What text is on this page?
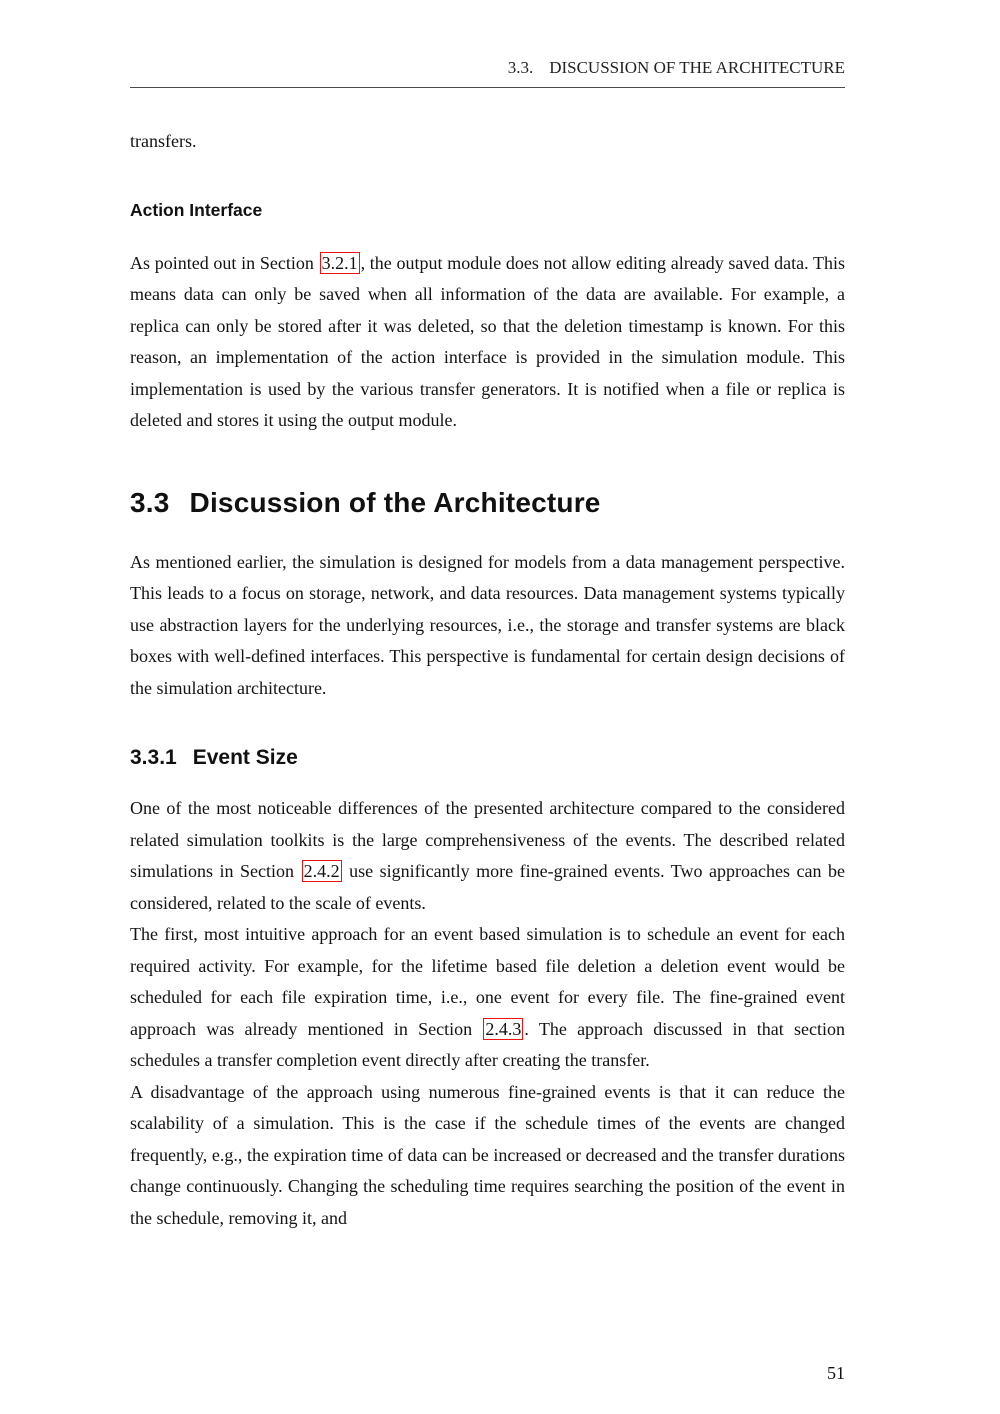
3.3. DISCUSSION OF THE ARCHITECTURE

transfers.

Action Interface

As pointed out in Section 3.2.1 , the output module does not allow editing already saved data. This means data can only be saved when all information of the data are available. For example, a replica can only be stored after it was deleted, so that the deletion timestamp is known. For this reason, an implementation of the action interface is provided in the simulation module. This implementation is used by the various transfer generators. It is notified when a file or replica is deleted and stores it using the output module.

3.3 Discussion of the Architecture

As mentioned earlier, the simulation is designed for models from a data management perspective. This leads to a focus on storage, network, and data resources. Data management systems typically use abstraction layers for the underlying resources, i.e., the storage and transfer systems are black boxes with well-defined interfaces. This perspective is fundamental for certain design decisions of the simulation architecture.

3.3.1 Event Size

One of the most noticeable differences of the presented architecture compared to the considered related simulation toolkits is the large comprehensiveness of the events. The described related simulations in Section 2.4.2 use significantly more fine-grained events. Two approaches can be considered, related to the scale of events.

The first, most intuitive approach for an event based simulation is to schedule an event for each required activity. For example, for the lifetime based file deletion a deletion event would be scheduled for each file expiration time, i.e., one event for every file. The fine-grained event approach was already mentioned in Section 2.4.3 . The approach discussed in that section schedules a transfer completion event directly after creating the transfer.

A disadvantage of the approach using numerous fine-grained events is that it can reduce the scalability of a simulation. This is the case if the schedule times of the events are changed frequently, e.g., the expiration time of data can be increased or decreased and the transfer durations change continuously. Changing the scheduling time requires searching the position of the event in the schedule, removing it, and

51
